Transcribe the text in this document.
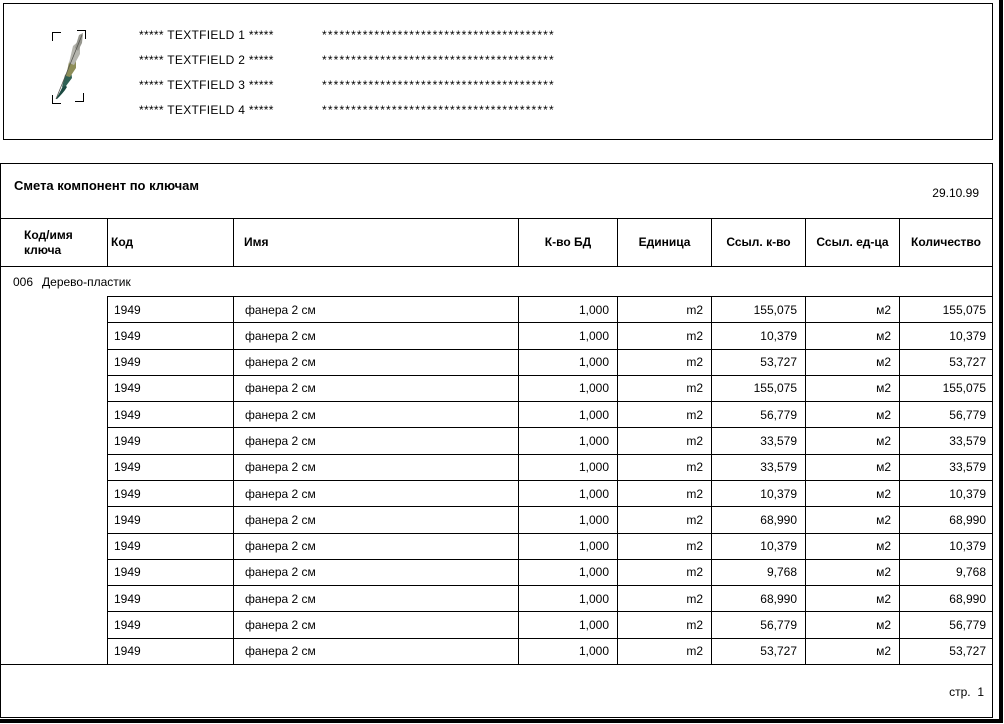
***** TEXTFIELD 1 *****	****************************************
***** TEXTFIELD 2 *****	****************************************
***** TEXTFIELD 3 *****	****************************************
***** TEXTFIELD 4 *****	****************************************
Смета компонент по ключам	29.10.99
Код/имя ключа
Код	Имя	К-во БД	Единица	Ссыл. к-во	Ссыл. ед-ца	Количество
006 Дерево-пластик
1949	фанера 2 см	1,000	m2	155,075	м2	155,075
1949	фанера 2 см	1,000	m2	10,379	м2	10,379
1949	фанера 2 см	1,000	m2	53,727	м2	53,727
1949	фанера 2 см	1,000	m2	155,075	м2	155,075
1949	фанера 2 см	1,000	m2	56,779	м2	56,779
1949	фанера 2 см	1,000	m2	33,579	м2	33,579
1949	фанера 2 см	1,000	m2	33,579	м2	33,579
1949	фанера 2 см	1,000	m2	10,379	м2	10,379
1949	фанера 2 см	1,000	m2	68,990	м2	68,990
1949	фанера 2 см	1,000	m2	10,379	м2	10,379
1949	фанера 2 см	1,000	m2	9,768	м2	9,768
1949	фанера 2 см	1,000	m2	68,990	м2	68,990
1949	фанера 2 см	1,000	m2	56,779	м2	56,779
1949	фанера 2 см	1,000	m2	53,727	м2	53,727
стр.  1
